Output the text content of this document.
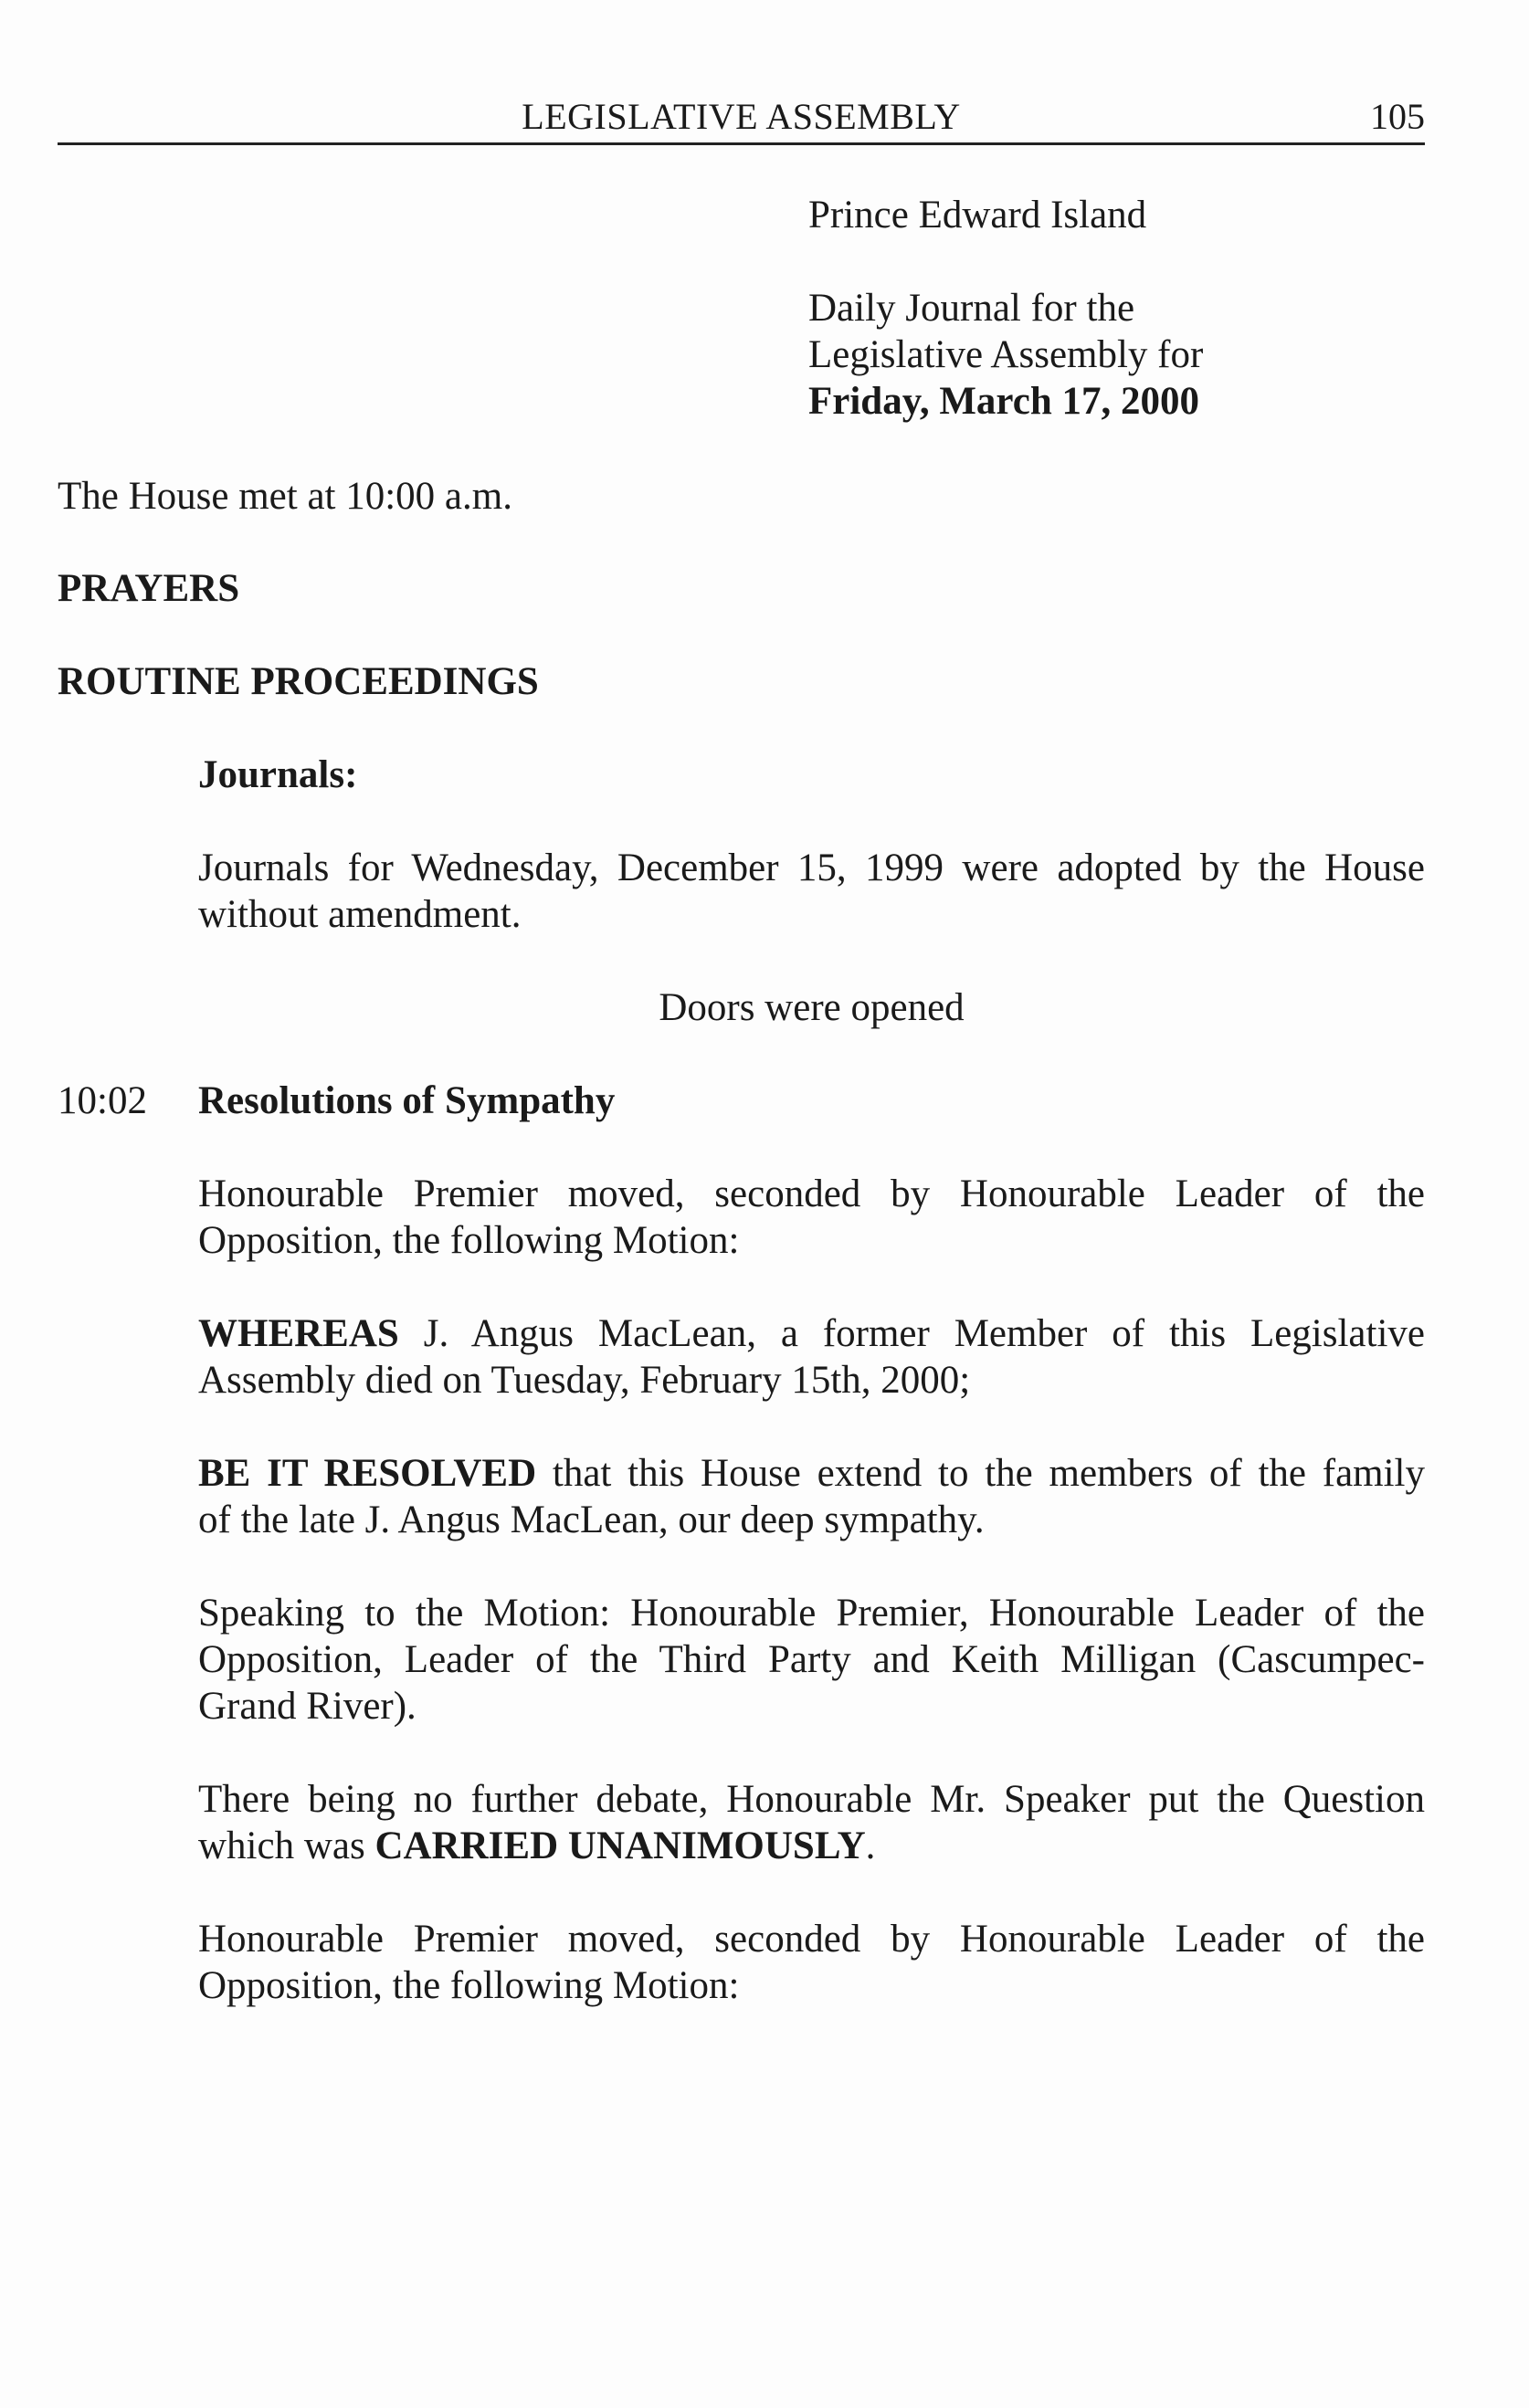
LEGISLATIVE ASSEMBLY	105
Prince Edward Island
Daily Journal for the
Legislative Assembly for
Friday, March 17, 2000
The House met at 10:00 a.m.
PRAYERS
ROUTINE PROCEEDINGS
Journals:
Journals for Wednesday, December 15, 1999 were adopted by the House
without amendment.
Doors were opened
10:02 Resolutions of Sympathy
Honourable Premier moved, seconded by Honourable Leader of the
Opposition, the following Motion:
WHEREAS J. Angus MacLean, a former Member of this Legislative
Assembly died on Tuesday, February 15th, 2000;
BE IT RESOLVED that this House extend to the members of the family
of the late J. Angus MacLean, our deep sympathy.
Speaking to the Motion: Honourable Premier, Honourable Leader of the
Opposition, Leader of the Third Party and Keith Milligan (Cascumpec-
Grand River).
There being no further debate, Honourable Mr. Speaker put the Question
which was CARRIED UNANIMOUSLY.
Honourable Premier moved, seconded by Honourable Leader of the
Opposition, the following Motion:
